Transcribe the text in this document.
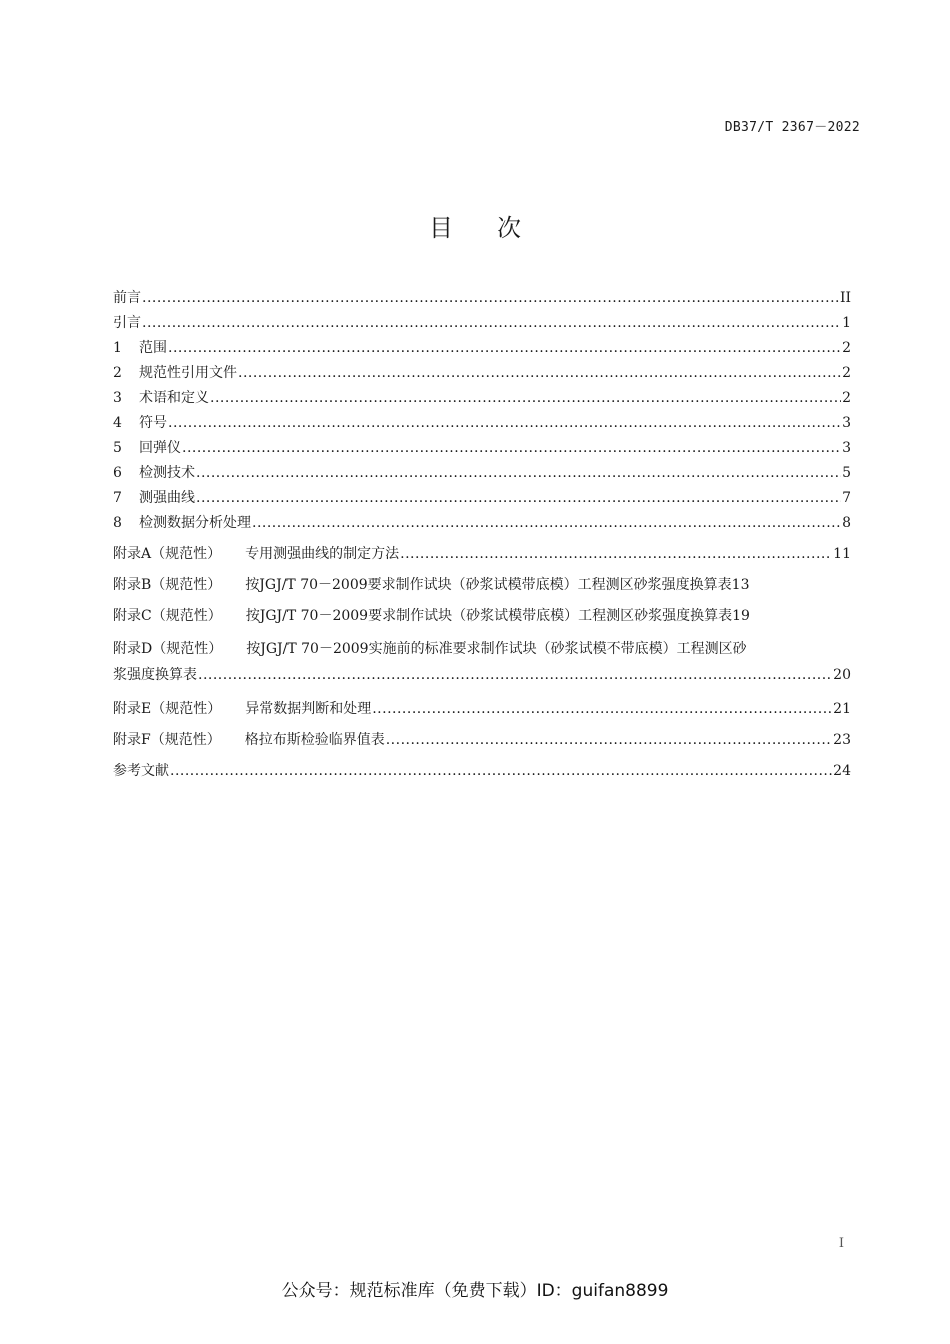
DB37/T 2367－2022
目次
前言 .....	II
引言 .....	1
1	范围 .....	2
2	规范性引用文件 .....	2
3	术语和定义 .....	2
4	符号 .....	3
5	回弹仪 .....	3
6	检测技术 .....	5
7	测强曲线 .....	7
8	检测数据分析处理 .....	8
附录A（规范性） 专用测强曲线的制定方法 .....	11
附录B（规范性） 按JGJ/T 70－2009要求制作试块（砂浆试模带底模）工程测区砂浆强度换算表 13
附录C（规范性） 按JGJ/T 70－2009要求制作试块（砂浆试模带底模）工程测区砂浆强度换算表 19
附录D（规范性） 按JGJ/T 70－2009实施前的标准要求制作试块（砂浆试模不带底模）工程测区砂
浆强度换算表 .....	20
附录E（规范性） 异常数据判断和处理 .....	21
附录F（规范性） 格拉布斯检验临界值表 .....	23
参考文献 .....	24
I
公众号：规范标准库（免费下载）ID：guifan8899
